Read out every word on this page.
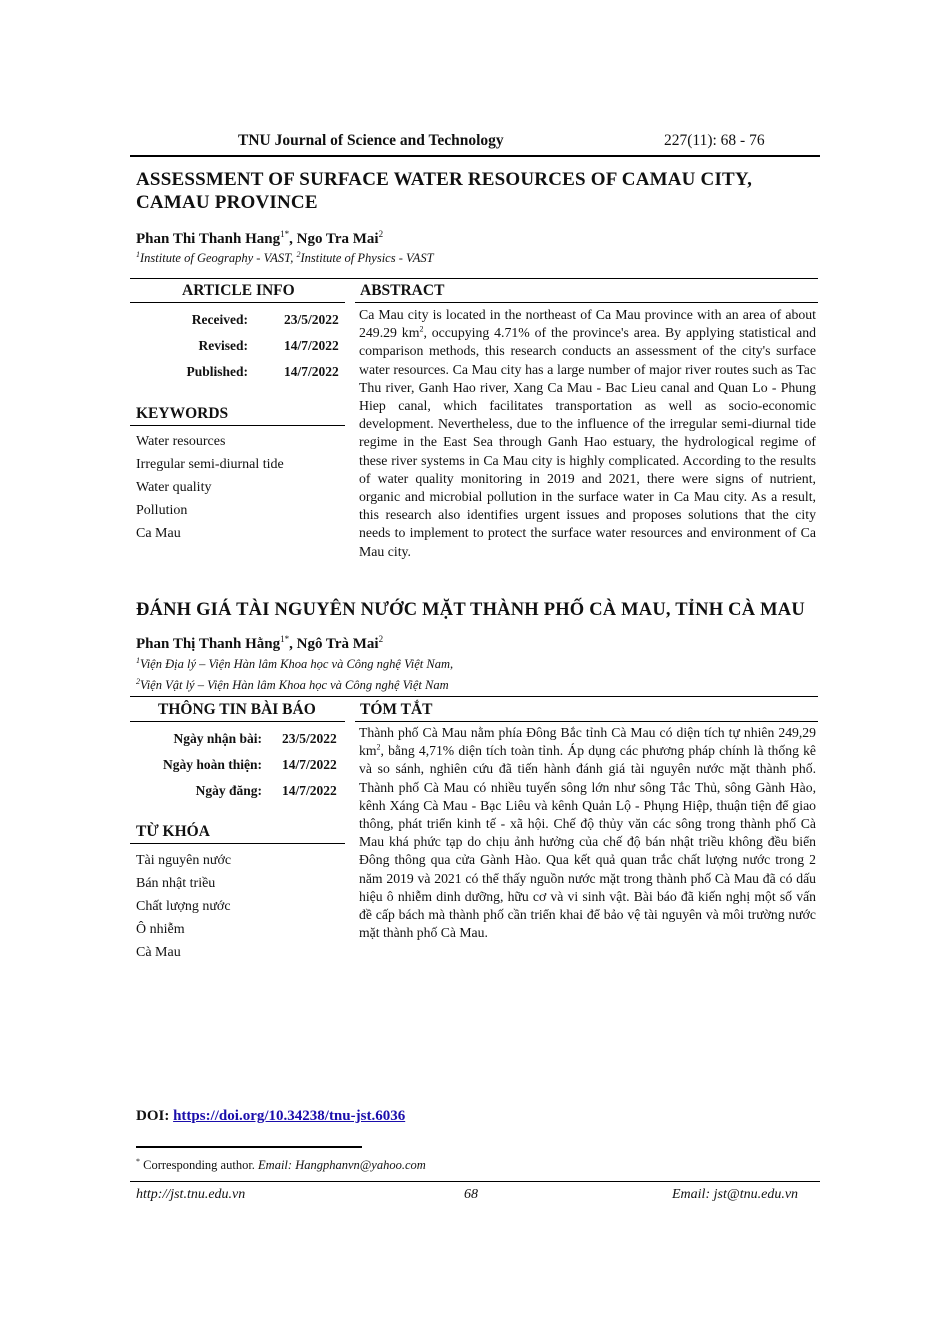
TNU Journal of Science and Technology	227(11): 68 - 76
ASSESSMENT OF SURFACE WATER RESOURCES OF CAMAU CITY,
CAMAU PROVINCE
Phan Thi Thanh Hang$^{1*}$, Ngo Tra Mai$^2$
$^1$Institute of Geography - VAST, $^2$Institute of Physics - VAST
ARTICLE INFO	ABSTRACT
Received:	23/5/2022
Revised:	14/7/2022
Published:	14/7/2022
KEYWORDS
Water resources
Irregular semi-diurnal tide
Water quality
Pollution
Ca Mau
Ca Mau city is located in the northeast of Ca Mau province with an area of about 249.29 $km^2$, occupying 4.71% of the province's area. By applying statistical and comparison methods, this research conducts an assessment of the city's surface water resources. Ca Mau city has a large number of major river routes such as Tac Thu river, Ganh Hao river, Xang Ca Mau - Bac Lieu canal and Quan Lo - Phung Hiep canal, which facilitates transportation as well as socio-economic development. Nevertheless, due to the influence of the irregular semi-diurnal tide regime in the East Sea through Ganh Hao estuary, the hydrological regime of these river systems in Ca Mau city is highly complicated. According to the results of water quality monitoring in 2019 and 2021, there were signs of nutrient, organic and microbial pollution in the surface water in Ca Mau city. As a result, this research also identifies urgent issues and proposes solutions that the city needs to implement to protect the surface water resources and environment of Ca Mau city.
ĐÁNH GIÁ TÀI NGUYÊN NƯỚC MẶT THÀNH PHỐ CÀ MAU, TỈNH CÀ MAU
Phan Thị Thanh Hằng$^{1*}$, Ngô Trà Mai$^2$
$^1$Viện Địa lý – Viện Hàn lâm Khoa học và Công nghệ Việt Nam,
$^2$Viện Vật lý – Viện Hàn lâm Khoa học và Công nghệ Việt Nam
THÔNG TIN BÀI BÁO	TÓM TẮT
Ngày nhận bài: 23/5/2022
Ngày hoàn thiện: 14/7/2022
Ngày đăng: 14/7/2022
TỪ KHÓA
Tài nguyên nước
Bán nhật triều
Chất lượng nước
Ô nhiễm
Cà Mau
Thành phố Cà Mau nằm phía Đông Bắc tỉnh Cà Mau có diện tích tự nhiên 249,29 $km^2$, bằng 4,71% diện tích toàn tỉnh. Áp dụng các phương pháp chính là thống kê và so sánh, nghiên cứu đã tiến hành đánh giá tài nguyên nước mặt thành phố. Thành phố Cà Mau có nhiều tuyến sông lớn như sông Tắc Thủ, sông Gành Hào, kênh Xáng Cà Mau - Bạc Liêu và kênh Quản Lộ - Phụng Hiệp, thuận tiện để giao thông, phát triển kinh tế - xã hội. Chế độ thủy văn các sông trong thành phố Cà Mau khá phức tạp do chịu ảnh hưởng của chế độ bán nhật triều không đều biển Đông thông qua cửa Gành Hào. Qua kết quả quan trắc chất lượng nước trong 2 năm 2019 và 2021 có thể thấy nguồn nước mặt trong thành phố Cà Mau đã có dấu hiệu ô nhiễm dinh dưỡng, hữu cơ và vi sinh vật. Bài báo đã kiến nghị một số vấn đề cấp bách mà thành phố cần triển khai để bảo vệ tài nguyên và môi trường nước mặt thành phố Cà Mau.
DOI: https://doi.org/10.34238/tnu-jst.6036
* Corresponding author. Email: Hangphanvn@yahoo.com
http://jst.tnu.edu.vn	68	Email: jst@tnu.edu.vn
